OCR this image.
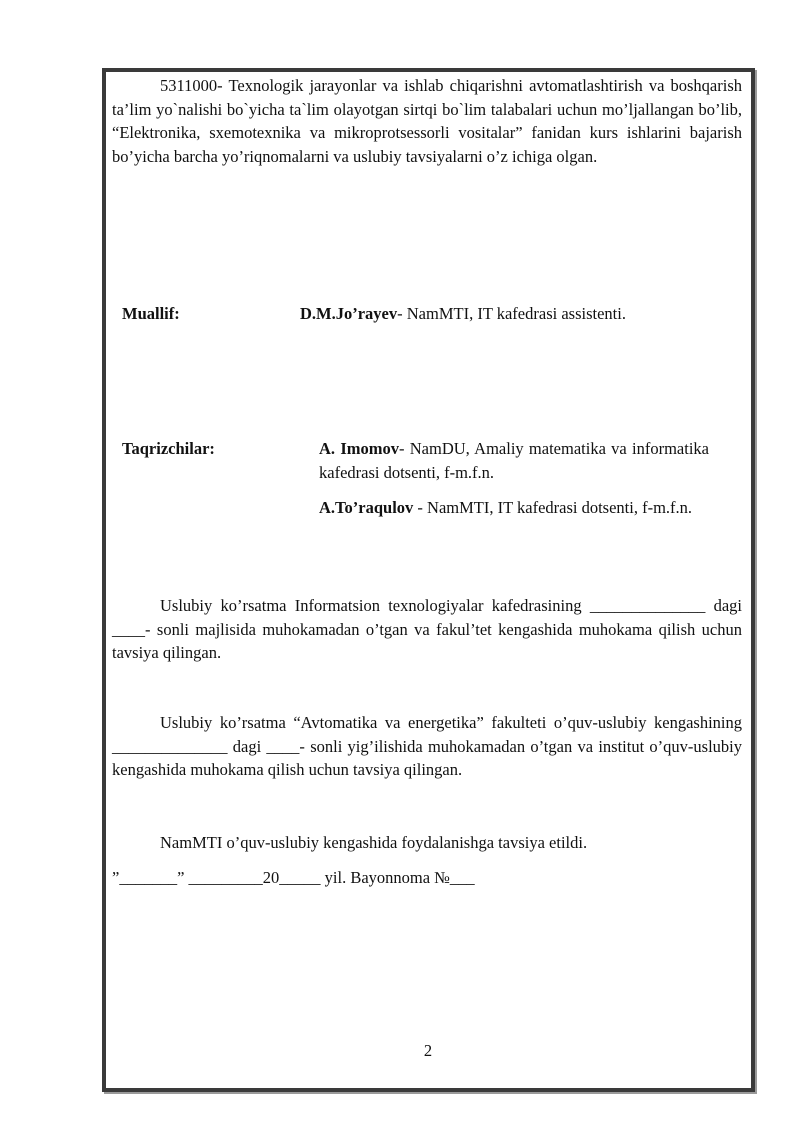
5311000- Texnologik jarayonlar va ishlab chiqarishni avtomatlashtirish va boshqarish ta’lim yo`nalishi bo`yicha ta`lim olayotgan sirtqi bo`lim talabalari uchun mo’ljallangan bo’lib, “Elektronika, sxemotexnika va mikroprotsessorli vositalar” fanidan kurs ishlarini bajarish bo’yicha barcha yo’riqnomalarni va uslubiy tavsiyalarni o’z ichiga olgan.
Muallif:	D.M.Jo’rayev- NamMTI, IT kafedrasi assistenti.
Taqrizchilar:	A. Imomov- NamDU, Amaliy matematika va informatika kafedrasi dotsenti, f-m.f.n.
A.To’raqulov - NamMTI, IT kafedrasi dotsenti, f-m.f.n.
Uslubiy ko’rsatma Informatsion texnologiyalar kafedrasining ______________ dagi ____- sonli majlisida muhokamadan o’tgan va fakul’tet kengashida muhokama qilish uchun tavsiya qilingan.
Uslubiy ko’rsatma “Avtomatika va energetika” fakulteti o’quv-uslubiy kengashining ______________ dagi ____- sonli yig’ilishida muhokamadan o’tgan va institut o’quv-uslubiy kengashida muhokama qilish uchun tavsiya qilingan.
NamMTI o’quv-uslubiy kengashida foydalanishga tavsiya etildi.
”_______” _________20_____ yil. Bayonnoma №___
2
